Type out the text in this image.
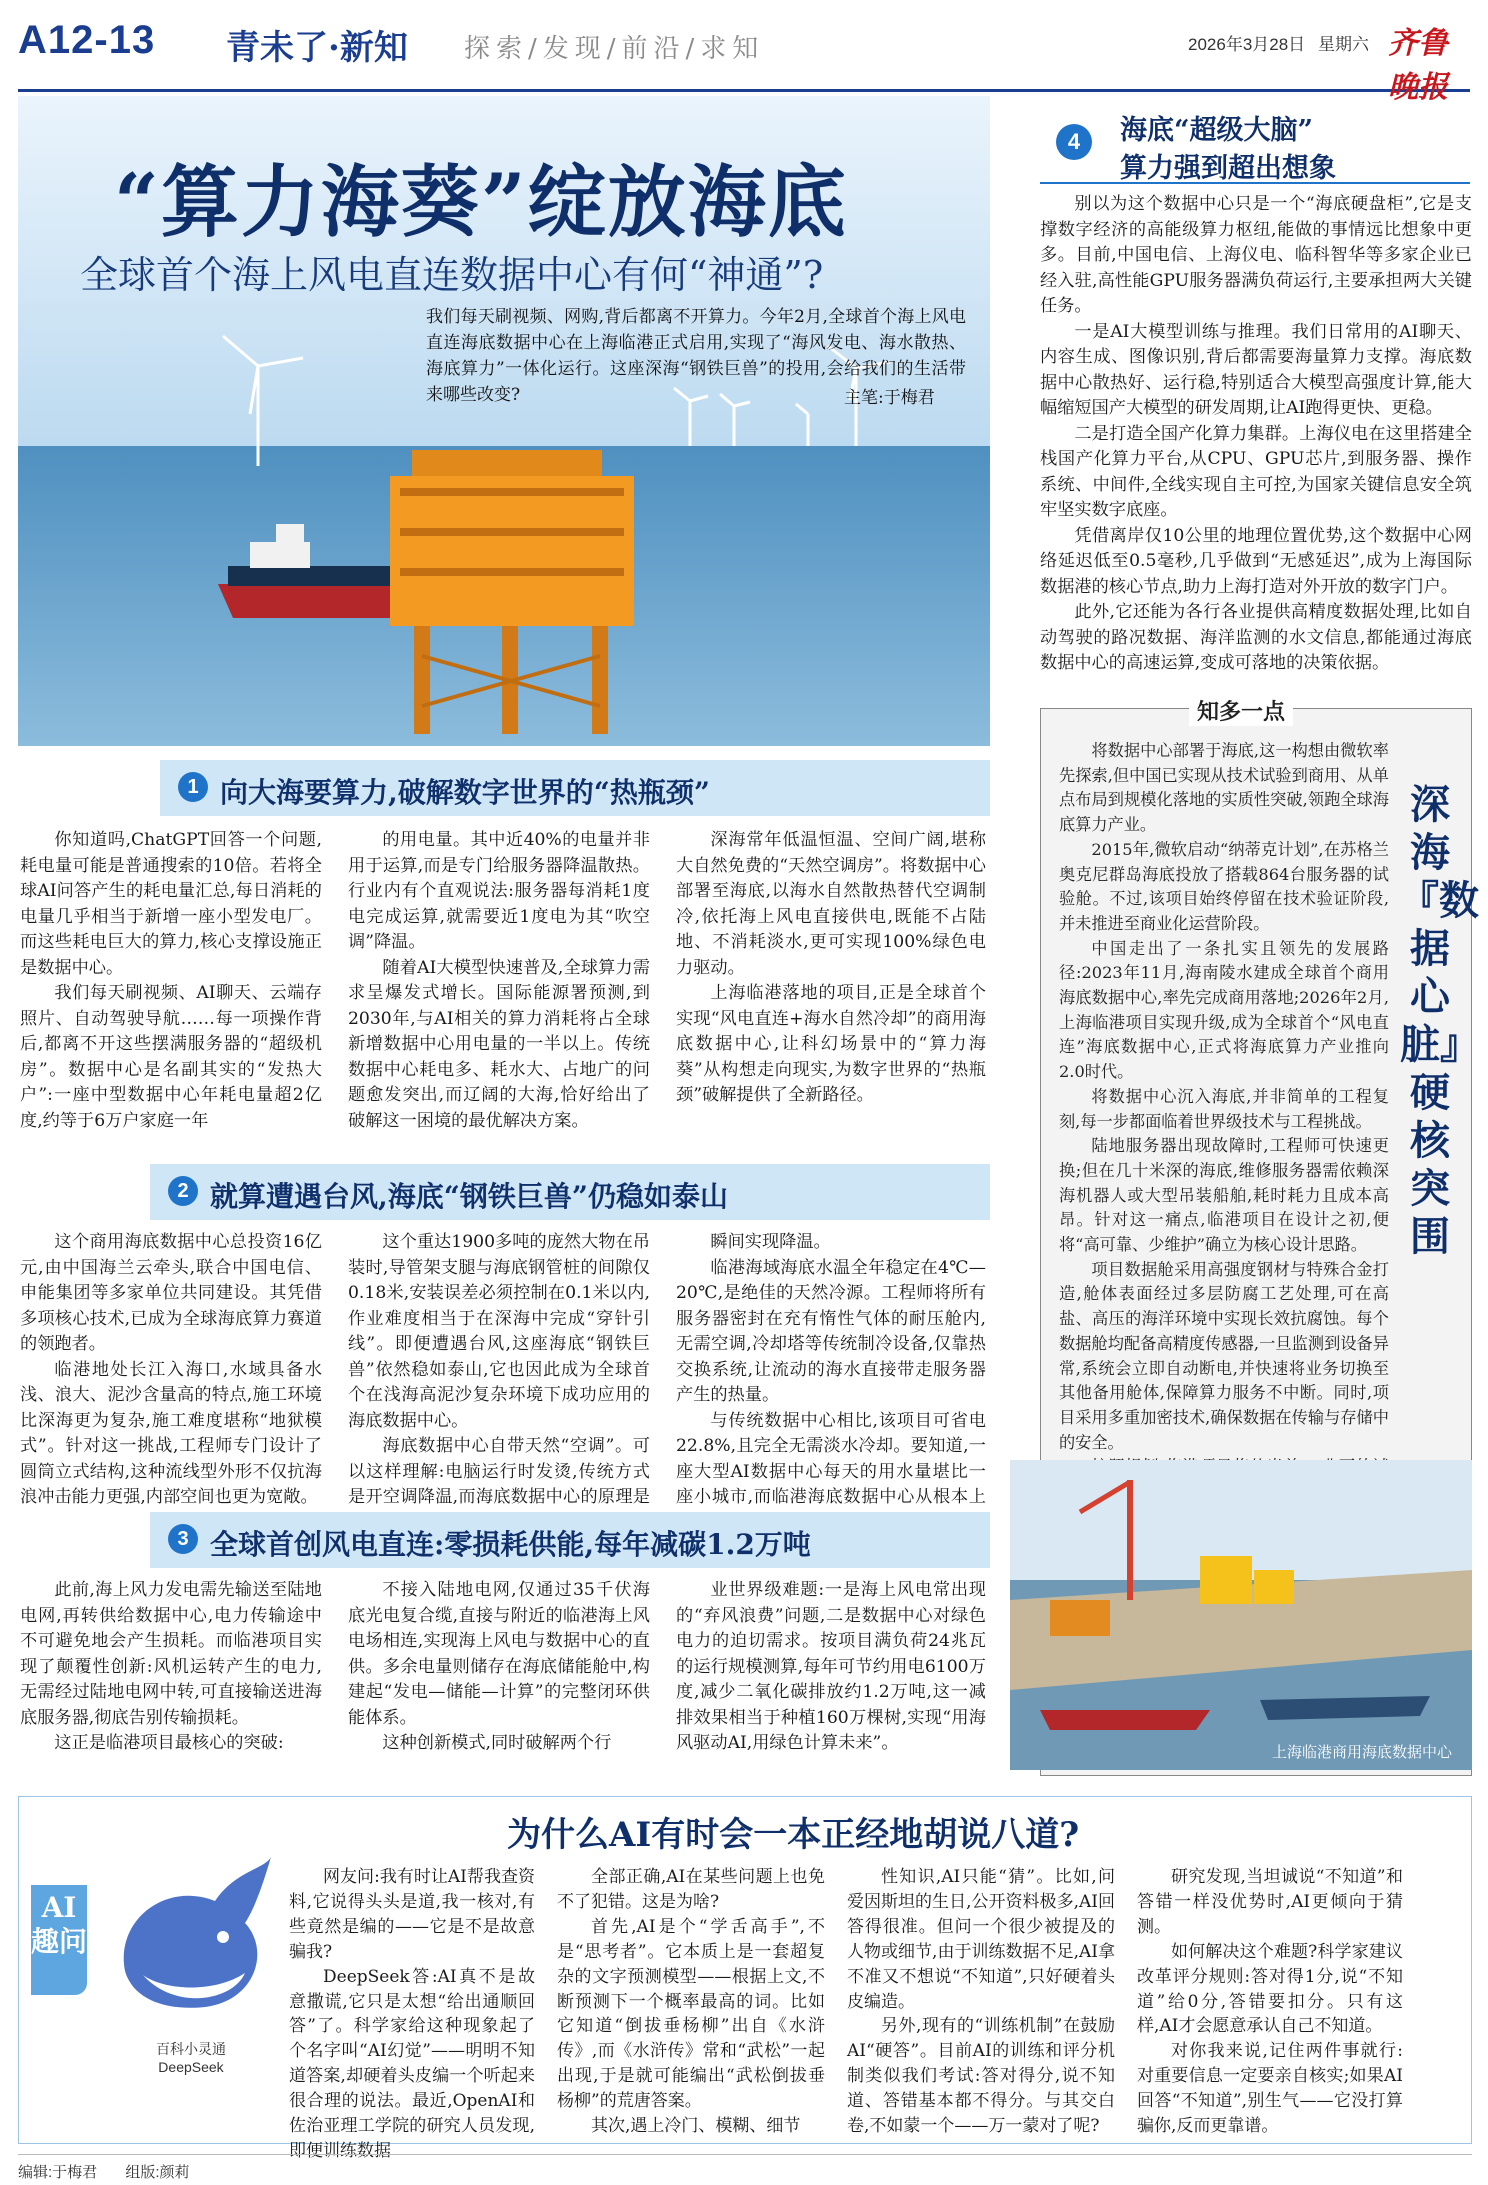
A12-13 青未了·新知 探索/发现/前沿/求知	2026年3月28日 星期六 齐鲁晚报
“算力海葵”绽放海底
全球首个海上风电直连数据中心有何“神通”?
我们每天刷视频、网购,背后都离不开算力。今年2月,全球首个海上风电直连海底数据中心在上海临港正式启用,实现了“海风发电、海水散热、海底算力”一体化运行。这座深海“钢铁巨兽”的投用,会给我们的生活带来哪些改变?	主笔:于梅君
1 向大海要算力,破解数字世界的“热瓶颈”

你知道吗,ChatGPT回答一个问题,耗电量可能是普通搜索的10倍。若将全球AI问答产生的耗电量汇总,每日消耗的电量几乎相当于新增一座小型发电厂。而这些耗电巨大的算力,核心支撑设施正是数据中心。

我们每天刷视频、AI聊天、云端存照片、自动驾驶导航……每一项操作背后,都离不开这些摆满服务器的“超级机房”。数据中心是名副其实的“发热大户”:一座中型数据中心年耗电量超2亿度,约等于6万户家庭一年

的用电量。其中近40%的电量并非用于运算,而是专门给服务器降温散热。行业内有个直观说法:服务器每消耗1度电完成运算,就需要近1度电为其“吹空调”降温。

随着AI大模型快速普及,全球算力需求呈爆发式增长。国际能源署预测,到2030年,与AI相关的算力消耗将占全球新增数据中心用电量的一半以上。传统数据中心耗电多、耗水大、占地广的问题愈发突出,而辽阔的大海,恰好给出了破解这一困境的最优解决方案。

深海常年低温恒温、空间广阔,堪称大自然免费的“天然空调房”。将数据中心部署至海底,以海水自然散热替代空调制冷,依托海上风电直接供电,既能不占陆地、不消耗淡水,更可实现100%绿色电力驱动。

上海临港落地的项目,正是全球首个实现“风电直连+海水自然冷却”的商用海底数据中心,让科幻场景中的“算力海葵”从构想走向现实,为数字世界的“热瓶颈”破解提供了全新路径。

2 就算遭遇台风,海底“钢铁巨兽”仍稳如泰山

这个商用海底数据中心总投资16亿元,由中国海兰云牵头,联合中国电信、申能集团等多家单位共同建设。其凭借多项核心技术,已成为全球海底算力赛道的领跑者。

临港地处长江入海口,水域具备水浅、浪大、泥沙含量高的特点,施工环境比深海更为复杂,施工难度堪称“地狱模式”。针对这一挑战,工程师专门设计了圆筒立式结构,这种流线型外形不仅抗海浪冲击能力更强,内部空间也更为宽敞。

这个重达1900多吨的庞然大物在吊装时,导管架支腿与海底钢管桩的间隙仅0.18米,安装误差必须控制在0.1米以内,作业难度相当于在深海中完成“穿针引线”。即便遭遇台风,这座海底“钢铁巨兽”依然稳如泰山,它也因此成为全球首个在浅海高泥沙复杂环境下成功应用的海底数据中心。

海底数据中心自带天然“空调”。可以这样理解:电脑运行时发烫,传统方式是开空调降温,而海底数据中心的原理是

瞬间实现降温。

临港海域海底水温全年稳定在4℃—20℃,是绝佳的天然冷源。工程师将所有服务器密封在充有惰性气体的耐压舱内,无需空调,冷却塔等传统制冷设备,仅靠热交换系统,让流动的海水直接带走服务器产生的热量。

与传统数据中心相比,该项目可省电22.8%,且完全无需淡水冷却。要知道,一座大型AI数据中心每天的用水量堪比一座小城市,而临港海底数据中心从根本上

3 全球首创风电直连:零损耗供能,每年减碳1.2万吨

此前,海上风力发电需先输送至陆地电网,再转供给数据中心,电力传输途中不可避免地会产生损耗。而临港项目实现了颠覆性创新:风机运转产生的电力,无需经过陆地电网中转,可直接输送进海底服务器,彻底告别传输损耗。

这正是临港项目最核心的突破:

不接入陆地电网,仅通过35千伏海底光电复合缆,直接与附近的临港海上风电场相连,实现海上风电与数据中心的直供。多余电量则储存在海底储能舱中,构建起“发电—储能—计算”的完整闭环供能体系。

这种创新模式,同时破解两个行

业世界级难题:一是海上风电常出现的“弃风浪费”问题,二是数据中心对绿色电力的迫切需求。按项目满负荷24兆瓦的运行规模测算,每年可节约用电6100万度,减少二氧化碳排放约1.2万吨,这一减排效果相当于种植160万棵树,实现“用海风驱动AI,用绿色计算未来”。
4	海底“超级大脑”
算力强到超出想象

别以为这个数据中心只是一个“海底硬盘柜”,它是支撑数字经济的高能级算力枢纽,能做的事情远比想象中更多。目前,中国电信、上海仪电、临科智华等多家企业已经入驻,高性能GPU服务器满负荷运行,主要承担两大关键任务。

一是AI大模型训练与推理。我们日常用的AI聊天、内容生成、图像识别,背后都需要海量算力支撑。海底数据中心散热好、运行稳,特别适合大模型高强度计算,能大幅缩短国产大模型的研发周期,让AI跑得更快、更稳。

二是打造全国产化算力集群。上海仪电在这里搭建全栈国产化算力平台,从CPU、GPU芯片,到服务器、操作系统、中间件,全线实现自主可控,为国家关键信息安全筑牢坚实数字底座。

凭借离岸仅10公里的地理位置优势,这个数据中心网络延迟低至0.5毫秒,几乎做到“无感延迟”,成为上海国际数据港的核心节点,助力上海打造对外开放的数字门户。

此外,它还能为各行各业提供高精度数据处理,比如自动驾驶的路况数据、海洋监测的水文信息,都能通过海底数据中心的高速运算,变成可落地的决策依据。

知多一点

将数据中心部署于海底,这一构想由微软率先探索,但中国已实现从技术试验到商用、从单点布局到规模化落地的实质性突破,领跑全球海底算力产业。

2015年,微软启动“纳蒂克计划”,在苏格兰奥克尼群岛海底投放了搭载864台服务器的试验舱。不过,该项目始终停留在技术验证阶段,并未推进至商业化运营阶段。

中国走出了一条扎实且领先的发展路径:2023年11月,海南陵水建成全球首个商用海底数据中心,率先完成商用落地;2026年2月,上海临港项目实现升级,成为全球首个“风电直连”海底数据中心,正式将海底算力产业推向2.0时代。

将数据中心沉入海底,并非简单的工程复刻,每一步都面临着世界级技术与工程挑战。

陆地服务器出现故障时,工程师可快速更换;但在几十米深的海底,维修服务器需依赖深海机器人或大型吊装船舶,耗时耗力且成本高昂。针对这一痛点,临港项目在设计之初,便将“高可靠、少维护”确立为核心设计思路。

项目数据舱采用高强度钢材与特殊合金打造,舱体表面经过多层防腐工艺处理,可在高盐、高压的海洋环境中实现长效抗腐蚀。每个数据舱均配备高精度传感器,一旦监测到设备异常,系统会立即自动断电,并快速将业务切换至其他备用舱体,保障算力服务不中断。同时,项目采用多重加密技术,确保数据在传输与存储中的安全。

深海『数据心脏』硬核突围
上海临港商用海底数据中心
为什么AI有时会一本正经地胡说八道?
AI趣问
百科小灵通
DeepSeek

网友问:我有时让AI帮我查资料,它说得头头是道,我一核对,有些竟然是编的——它是不是故意骗我?

DeepSeek答:AI真不是故意撒谎,它只是太想“给出通顺回答”了。科学家给这种现象起了个名字叫“AI幻觉”——明明不知道答案,却硬着头皮编一个听起来很合理的说法。最近,OpenAI和佐治亚理工学院的研究人员发现,即便训练数据

全部正确,AI在某些问题上也免不了犯错。这是为啥?

首先,AI是个“学舌高手”,不是“思考者”。它本质上是一套超复杂的文字预测模型——根据上文,不断预测下一个概率最高的词。比如它知道“倒拔垂杨柳”出自《水浒传》,而《水浒传》常和“武松”一起出现,于是就可能编出“武松倒拔垂杨柳”的荒唐答案。

其次,遇上冷门、模糊、细节

性知识,AI只能“猜”。比如,问爱因斯坦的生日,公开资料极多,AI回答得很准。但问一个很少被提及的人物或细节,由于训练数据不足,AI拿不准又不想说“不知道”,只好硬着头皮编造。

另外,现有的“训练机制”在鼓励AI“硬答”。目前AI的训练和评分机制类似我们考试:答对得分,说不知道、答错基本都不得分。与其交白卷,不如蒙一个——万一蒙对了呢?

研究发现,当坦诚说“不知道”和答错一样没优势时,AI更倾向于猜测。

如何解决这个难题?科学家建议改革评分规则:答对得1分,说“不知道”给0分,答错要扣分。只有这样,AI才会愿意承认自己不知道。

对你我来说,记住两件事就行:对重要信息一定要亲自核实;如果AI回答“不知道”,别生气——它没打算骗你,反而更靠谱。

编辑:于梅君 组版:颜莉
